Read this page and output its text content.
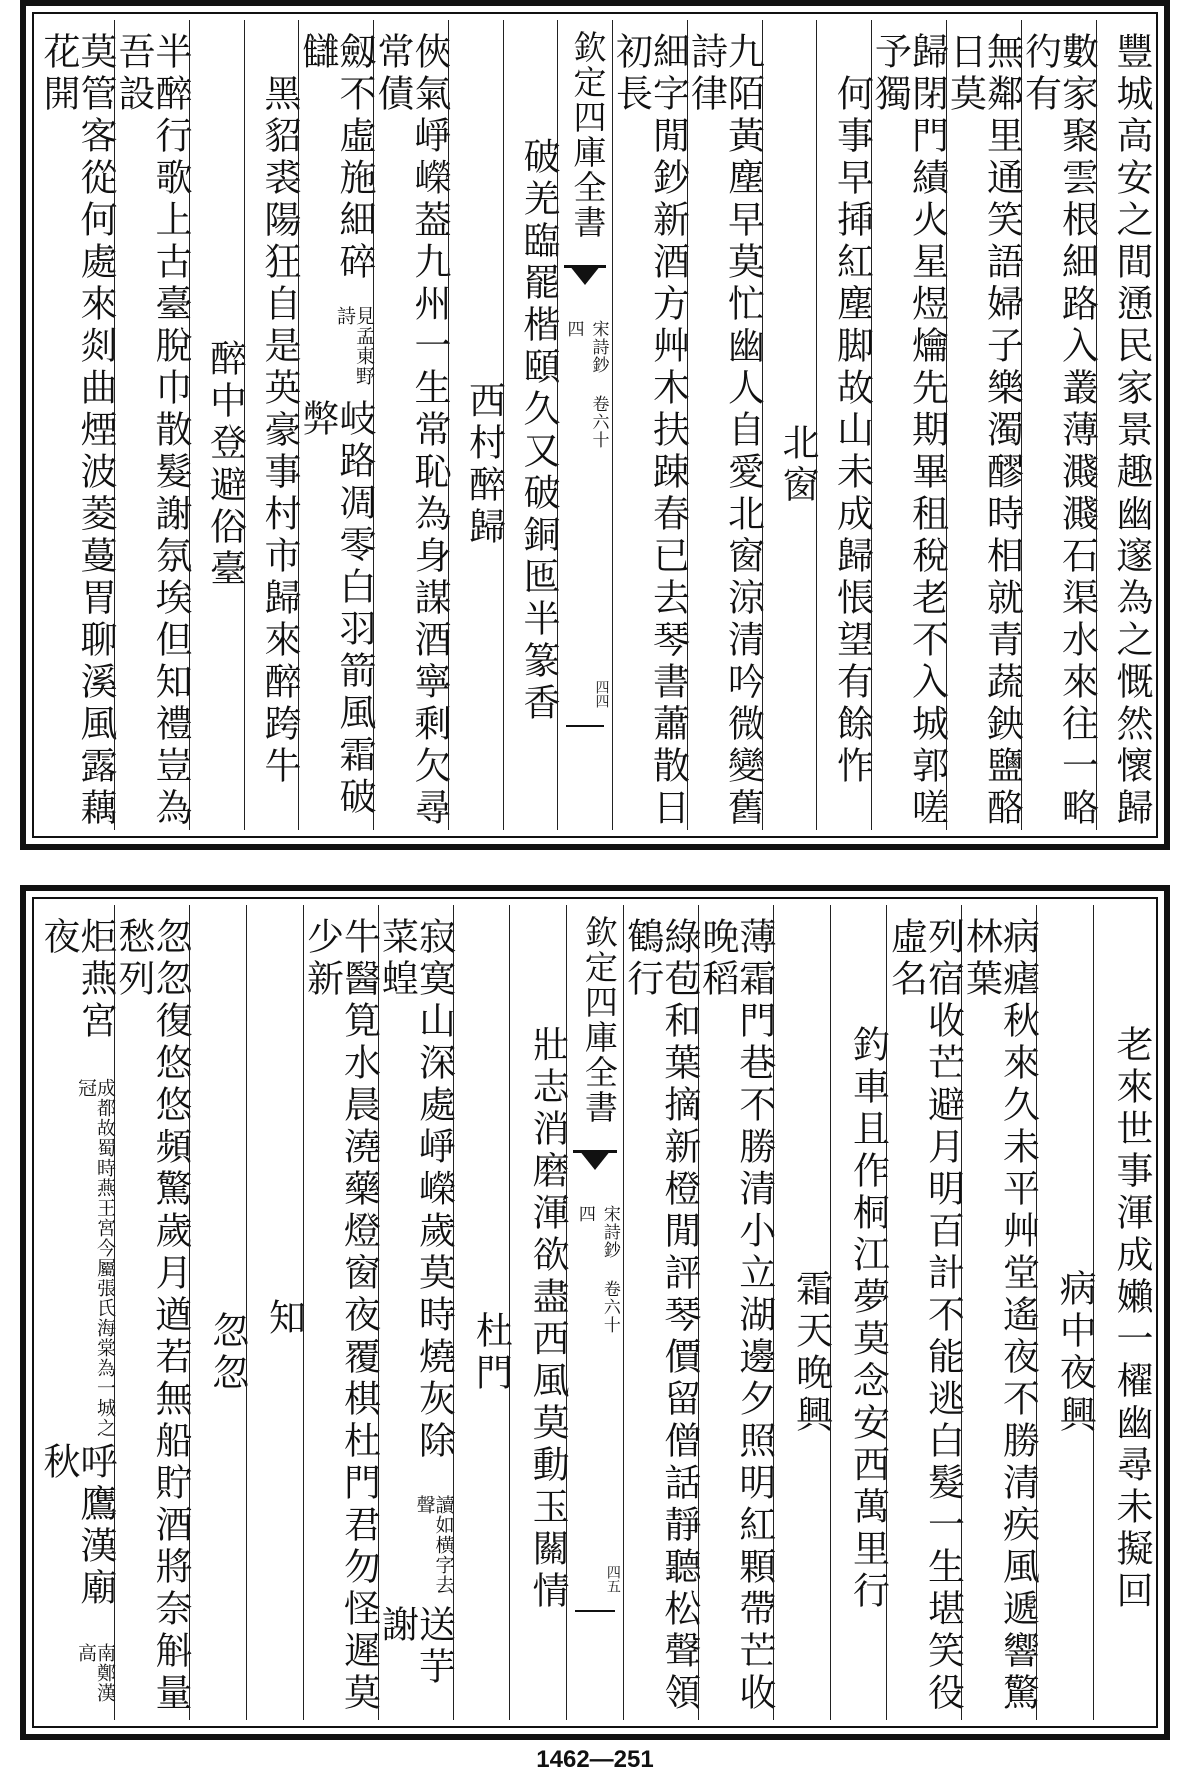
豐城高安之間慂民家景趣幽邃為之慨然懷歸
數家聚雲根細路入叢薄濺濺石渠水來往一略彴有
無鄰里通笑語婦子樂濁醪時相就青蔬鉠鹽酪日莫
歸閉門績火星煜爚先期畢租稅老不入城郭嗟予獨
何事早揷紅塵脚故山未成歸悵望有餘怍
北窗
九陌黃塵早莫忙幽人自愛北窗涼清吟微變舊詩律
細字閒鈔新酒方艸木扶踈春已去琴書蕭散日初長
欽定四庫全書
宋詩鈔 卷六十四
四四
破羌臨罷楷頤久又破銅匜半篆香
西村醉歸
俠氣崢嶸葢九州一生常恥為身謀酒寧剩欠尋常債
劔不虛施細碎讎
見孟東野詩
岐路凋零白羽箭風霜破弊
黑貂裘陽狂自是英豪事村市歸來醉跨牛
醉中登避俗臺
半醉行歌上古臺脫巾散髮謝氛埃但知禮豈為吾設
莫管客從何處來剡曲煙波菱蔓胃聊溪風露藕花開
老來世事渾成嬾一櫂幽尋未擬回
病中夜興
病瘧秋來久未平艸堂遙夜不勝清疾風遞響驚林葉
列宿收芒避月明百計不能逃白髮一生堪笑役虛名
釣車且作桐江夢莫念安西萬里行
霜天晚興
薄霜門巷不勝清小立湖邊夕照明紅顆帶芒收晚稻
綠苞和葉摘新橙閒評琴價留僧話靜聽松聲領鶴行
欽定四庫全書
宋詩鈔 卷六十四
四五
壯志消磨渾欲盡西風莫動玉關情
杜門
寂寞山深處崢嶸歲莫時燒灰除菜蝗
讀如横字去聲
送芋謝
牛醫筧水晨澆藥燈窗夜覆棋杜門君勿怪遲莫少新
知
忽忽
忽忽復悠悠頻驚歲月遒若無船貯酒將奈斛量愁列
炬燕宮夜
成都故蜀時燕王宮今屬張氏海棠為一城之冠
呼鷹漢廟秋
南鄭漢高
1462—251
